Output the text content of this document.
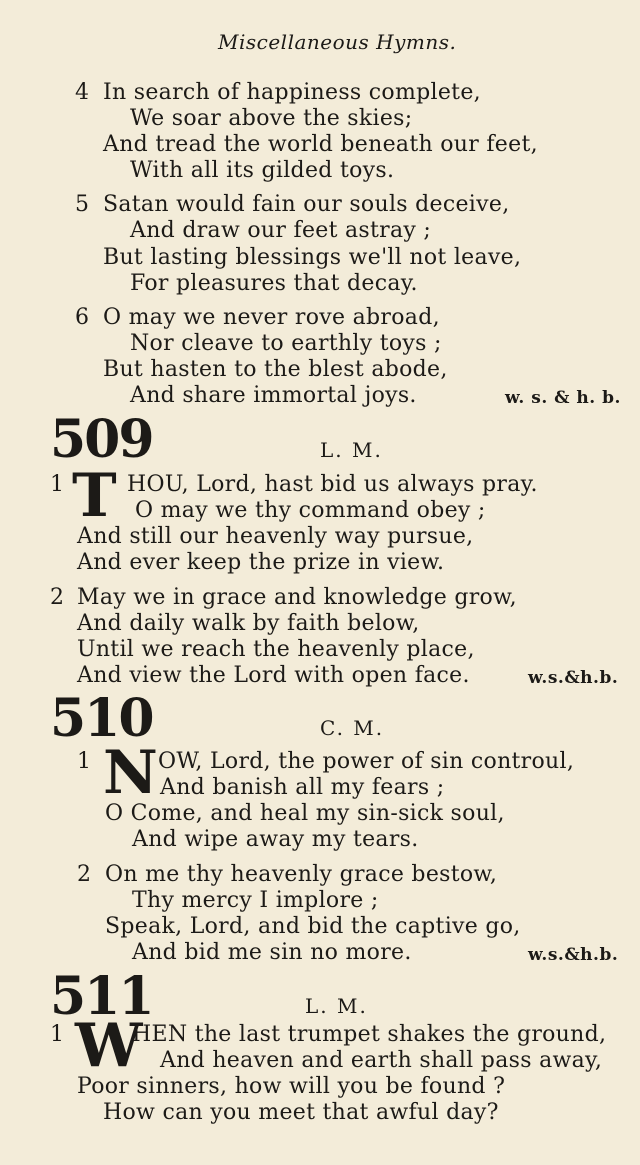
Miscellaneous Hymns.
4 In search of happiness complete,
We soar above the skies;
And tread the world beneath our feet,
With all its gilded toys.
5 Satan would fain our souls deceive,
And draw our feet astray ;
But lasting blessings we'll not leave,
For pleasures that decay.
6 O may we never rove abroad,
Nor cleave to earthly toys ;
But hasten to the blest abode,
And share immortal joys.	w. s. & h. b.
509	L. M.
1 T HOU, Lord, hast bid us always pray.
O may we thy command obey ;
And still our heavenly way pursue,
And ever keep the prize in view.
2 May we in grace and knowledge grow,
And daily walk by faith below,
Until we reach the heavenly place,
And view the Lord with open face.	w.s.&h.b.
510	C. M.
1 N OW, Lord, the power of sin controul,
And banish all my fears ;
O Come, and heal my sin-sick soul,
And wipe away my tears.
2 On me thy heavenly grace bestow,
Thy mercy I implore ;
Speak, Lord, and bid the captive go,
And bid me sin no more.	w.s.&h.b.
511	L. M.
1 W
HEN the last trumpet shakes the ground,
And heaven and earth shall pass away,
Poor sinners, how will you be found ?
How can you meet that awful day?
